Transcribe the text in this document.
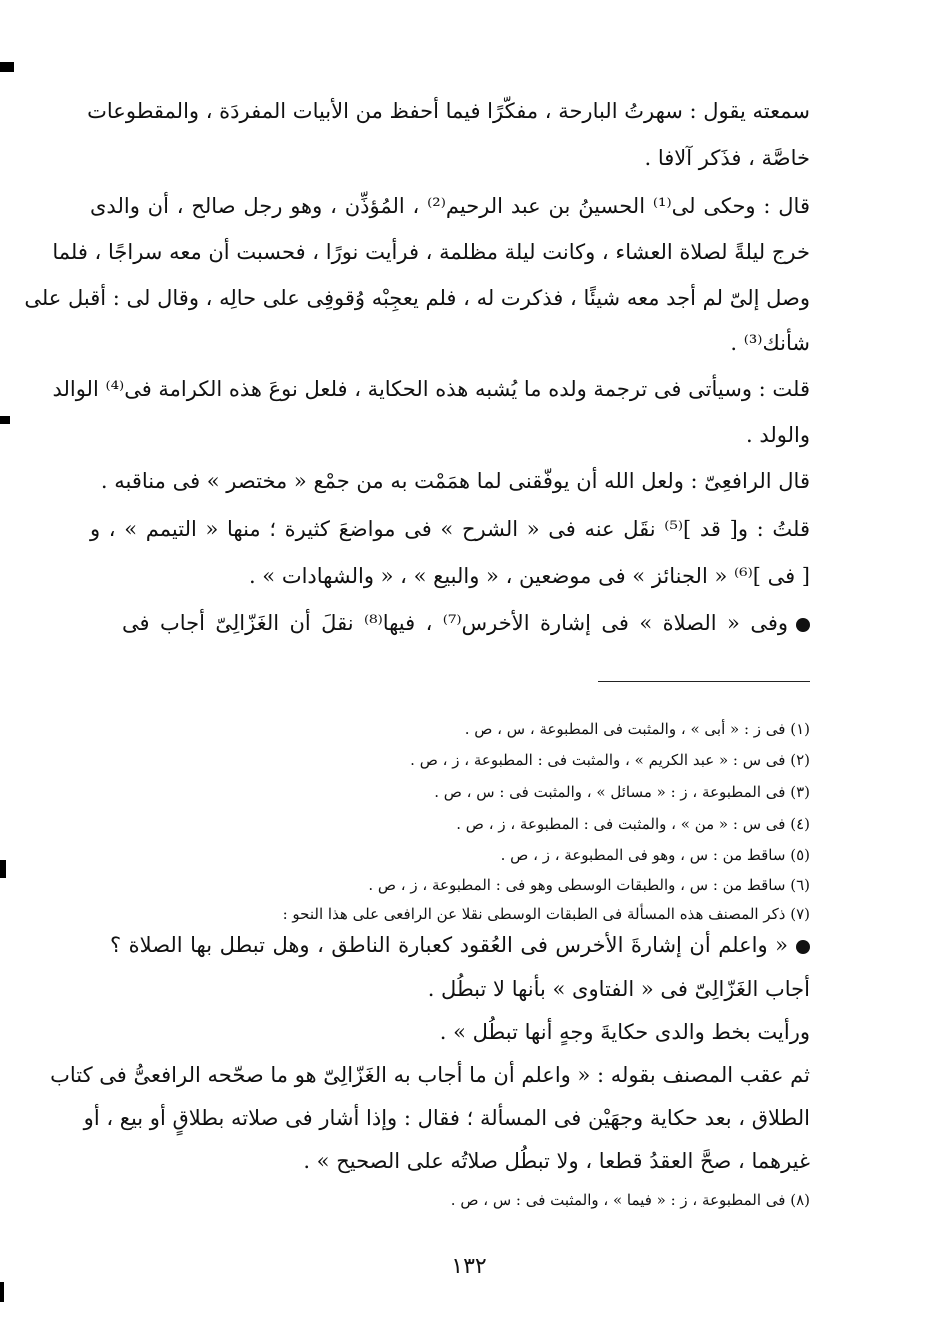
سمعته يقول : سهرتُ البارحة ، مفكّرًا فيما أحفظ من الأبيات المفردَة ، والمقطوعات
خاصَّة ، فذَكر آلافا .
قال : وحكى لى⁽¹⁾ الحسينُ بن عبد الرحيم⁽²⁾ ، المُؤذِّن ، وهو رجل صالح ، أن والدى
خرج ليلةً لصلاة العشاء ، وكانت ليلة مظلمة ، فرأيت نورًا ، فحسبت أن معه سراجًا ، فلما
وصل إلىّ لم أجد معه شيئًا ، فذكرت له ، فلم يعجِبْه وُقوفِى على حالِه ، وقال لى : أقبل على
شأنك⁽³⁾ .
قلت : وسيأتى فى ترجمة ولده ما يُشبه هذه الحكاية ، فلعل نوعَ هذه الكرامة فى⁽⁴⁾ الوالد
والولد .
قال الرافعِىّ : ولعل الله أن يوفّقنى لما همَمْت به من جمْع « مختصر » فى مناقبه .
قلتُ : و[ قد ]⁽⁵⁾ نقَل عنه فى « الشرح » فى مواضعَ كثيرة ؛ منها « التيمم » ، و
[ فى ]⁽⁶⁾ « الجنائز » فى موضعين ، « والبيع » ، « والشهادات » .
وفى « الصلاة » فى إشارة الأخرس⁽⁷⁾ ، فيها⁽⁸⁾ نقلَ أن الغَزّالِىّ أجاب فى
(١) فى ز : « أبى » ، والمثبت فى المطبوعة ، س ، ص .
(٢) فى س : « عبد الكريم » ، والمثبت فى : المطبوعة ، ز ، ص .
(٣) فى المطبوعة ، ز : « مسائل » ، والمثبت فى : س ، ص .
(٤) فى س : « من » ، والمثبت فى : المطبوعة ، ز ، ص .
(٥) ساقط من : س ، وهو فى المطبوعة ، ز ، ص .
(٦) ساقط من : س ، والطبقات الوسطى وهو فى : المطبوعة ، ز ، ص .
(٧) ذكر المصنف هذه المسألة فى الطبقات الوسطى نقلا عن الرافعى على هذا النحو :
« واعلم أن إشارةَ الأخرس فى العُقود كعبارة الناطق ، وهل تبطل بها الصلاة ؟
أجاب الغَزّالِىّ فى « الفتاوى » بأنها لا تبطُل .
ورأيت بخط والدى حكايةَ وجهٍ أنها تبطُل » .
ثم عقب المصنف بقوله : « واعلم أن ما أجاب به الغَزّالِىّ هو ما صحّحه الرافعىُّ فى كتاب
الطلاق ، بعد حكاية وجهَيْن فى المسألة ؛ فقال : وإذا أشار فى صلاته بطلاقٍ أو بيع ، أو
غيرهما ، صحَّ العقدُ قطعا ، ولا تبطُل صلاتُه على الصحيح » .
(٨) فى المطبوعة ، ز : « فيما » ، والمثبت فى : س ، ص .
١٣٢
